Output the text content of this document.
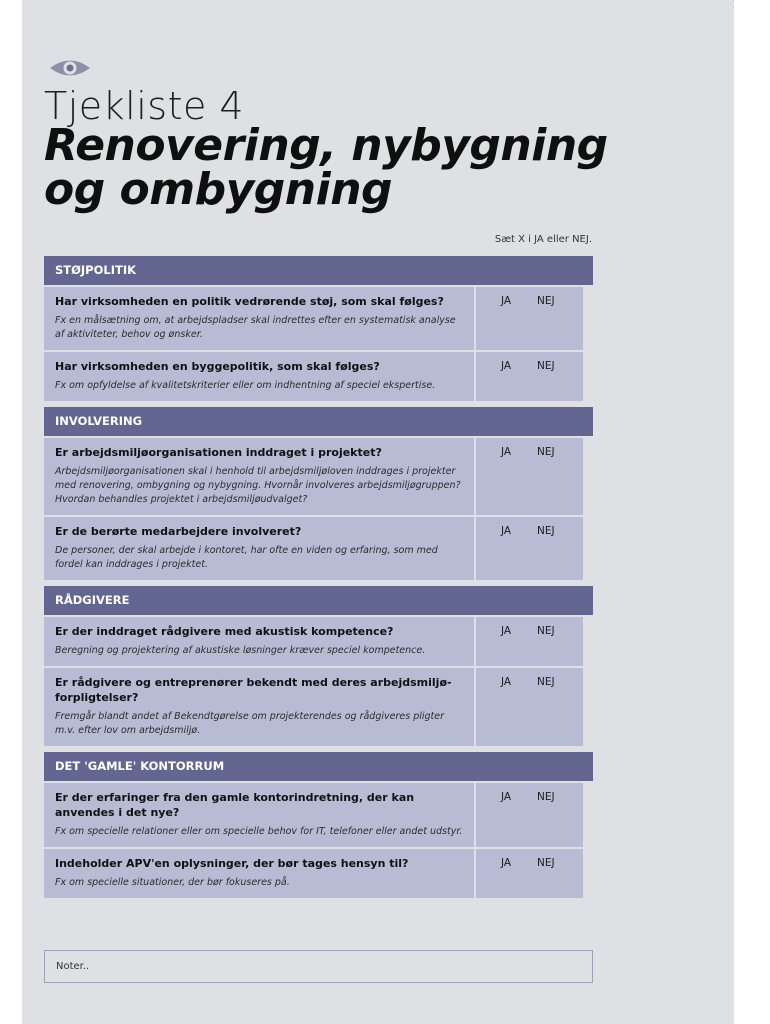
Tjekliste 4
Renovering, nybygning
og ombygning
Sæt X i JA eller NEJ.
STØJPOLITIK
Har virksomheden en politik vedrørende støj, som skal følges?
Fx en målsætning om, at arbejdspladser skal indrettes efter en systematisk analyse af aktiviteter, behov og ønsker.
JA	NEJ
Har virksomheden en byggepolitik, som skal følges?
Fx om opfyldelse af kvalitetskriterier eller om indhentning af speciel ekspertise.
JA	NEJ
INVOLVERING
Er arbejdsmiljøorganisationen inddraget i projektet?
Arbejdsmiljøorganisationen skal i henhold til arbejdsmiljøloven inddrages i projekter med renovering, ombygning og nybygning. Hvornår involveres arbejdsmiljøgruppen? Hvordan behandles projektet i arbejdsmiljøudvalget?
JA	NEJ
Er de berørte medarbejdere involveret?
De personer, der skal arbejde i kontoret, har ofte en viden og erfaring, som med fordel kan inddrages i projektet.
JA	NEJ
RÅDGIVERE
Er der inddraget rådgivere med akustisk kompetence?
Beregning og projektering af akustiske løsninger kræver speciel kompetence.
JA	NEJ
Er rådgivere og entreprenører bekendt med deres arbejdsmiljø-forpligtelser?
Fremgår blandt andet af Bekendtgørelse om projekterendes og rådgiveres pligter m.v. efter lov om arbejdsmiljø.
JA	NEJ
DET 'GAMLE' KONTORRUM
Er der erfaringer fra den gamle kontorindretning, der kan anvendes i det nye?
Fx om specielle relationer eller om specielle behov for IT, telefoner eller andet udstyr.
JA	NEJ
Indeholder APV'en oplysninger, der bør tages hensyn til?
Fx om specielle situationer, der bør fokuseres på.
JA	NEJ
Noter..
